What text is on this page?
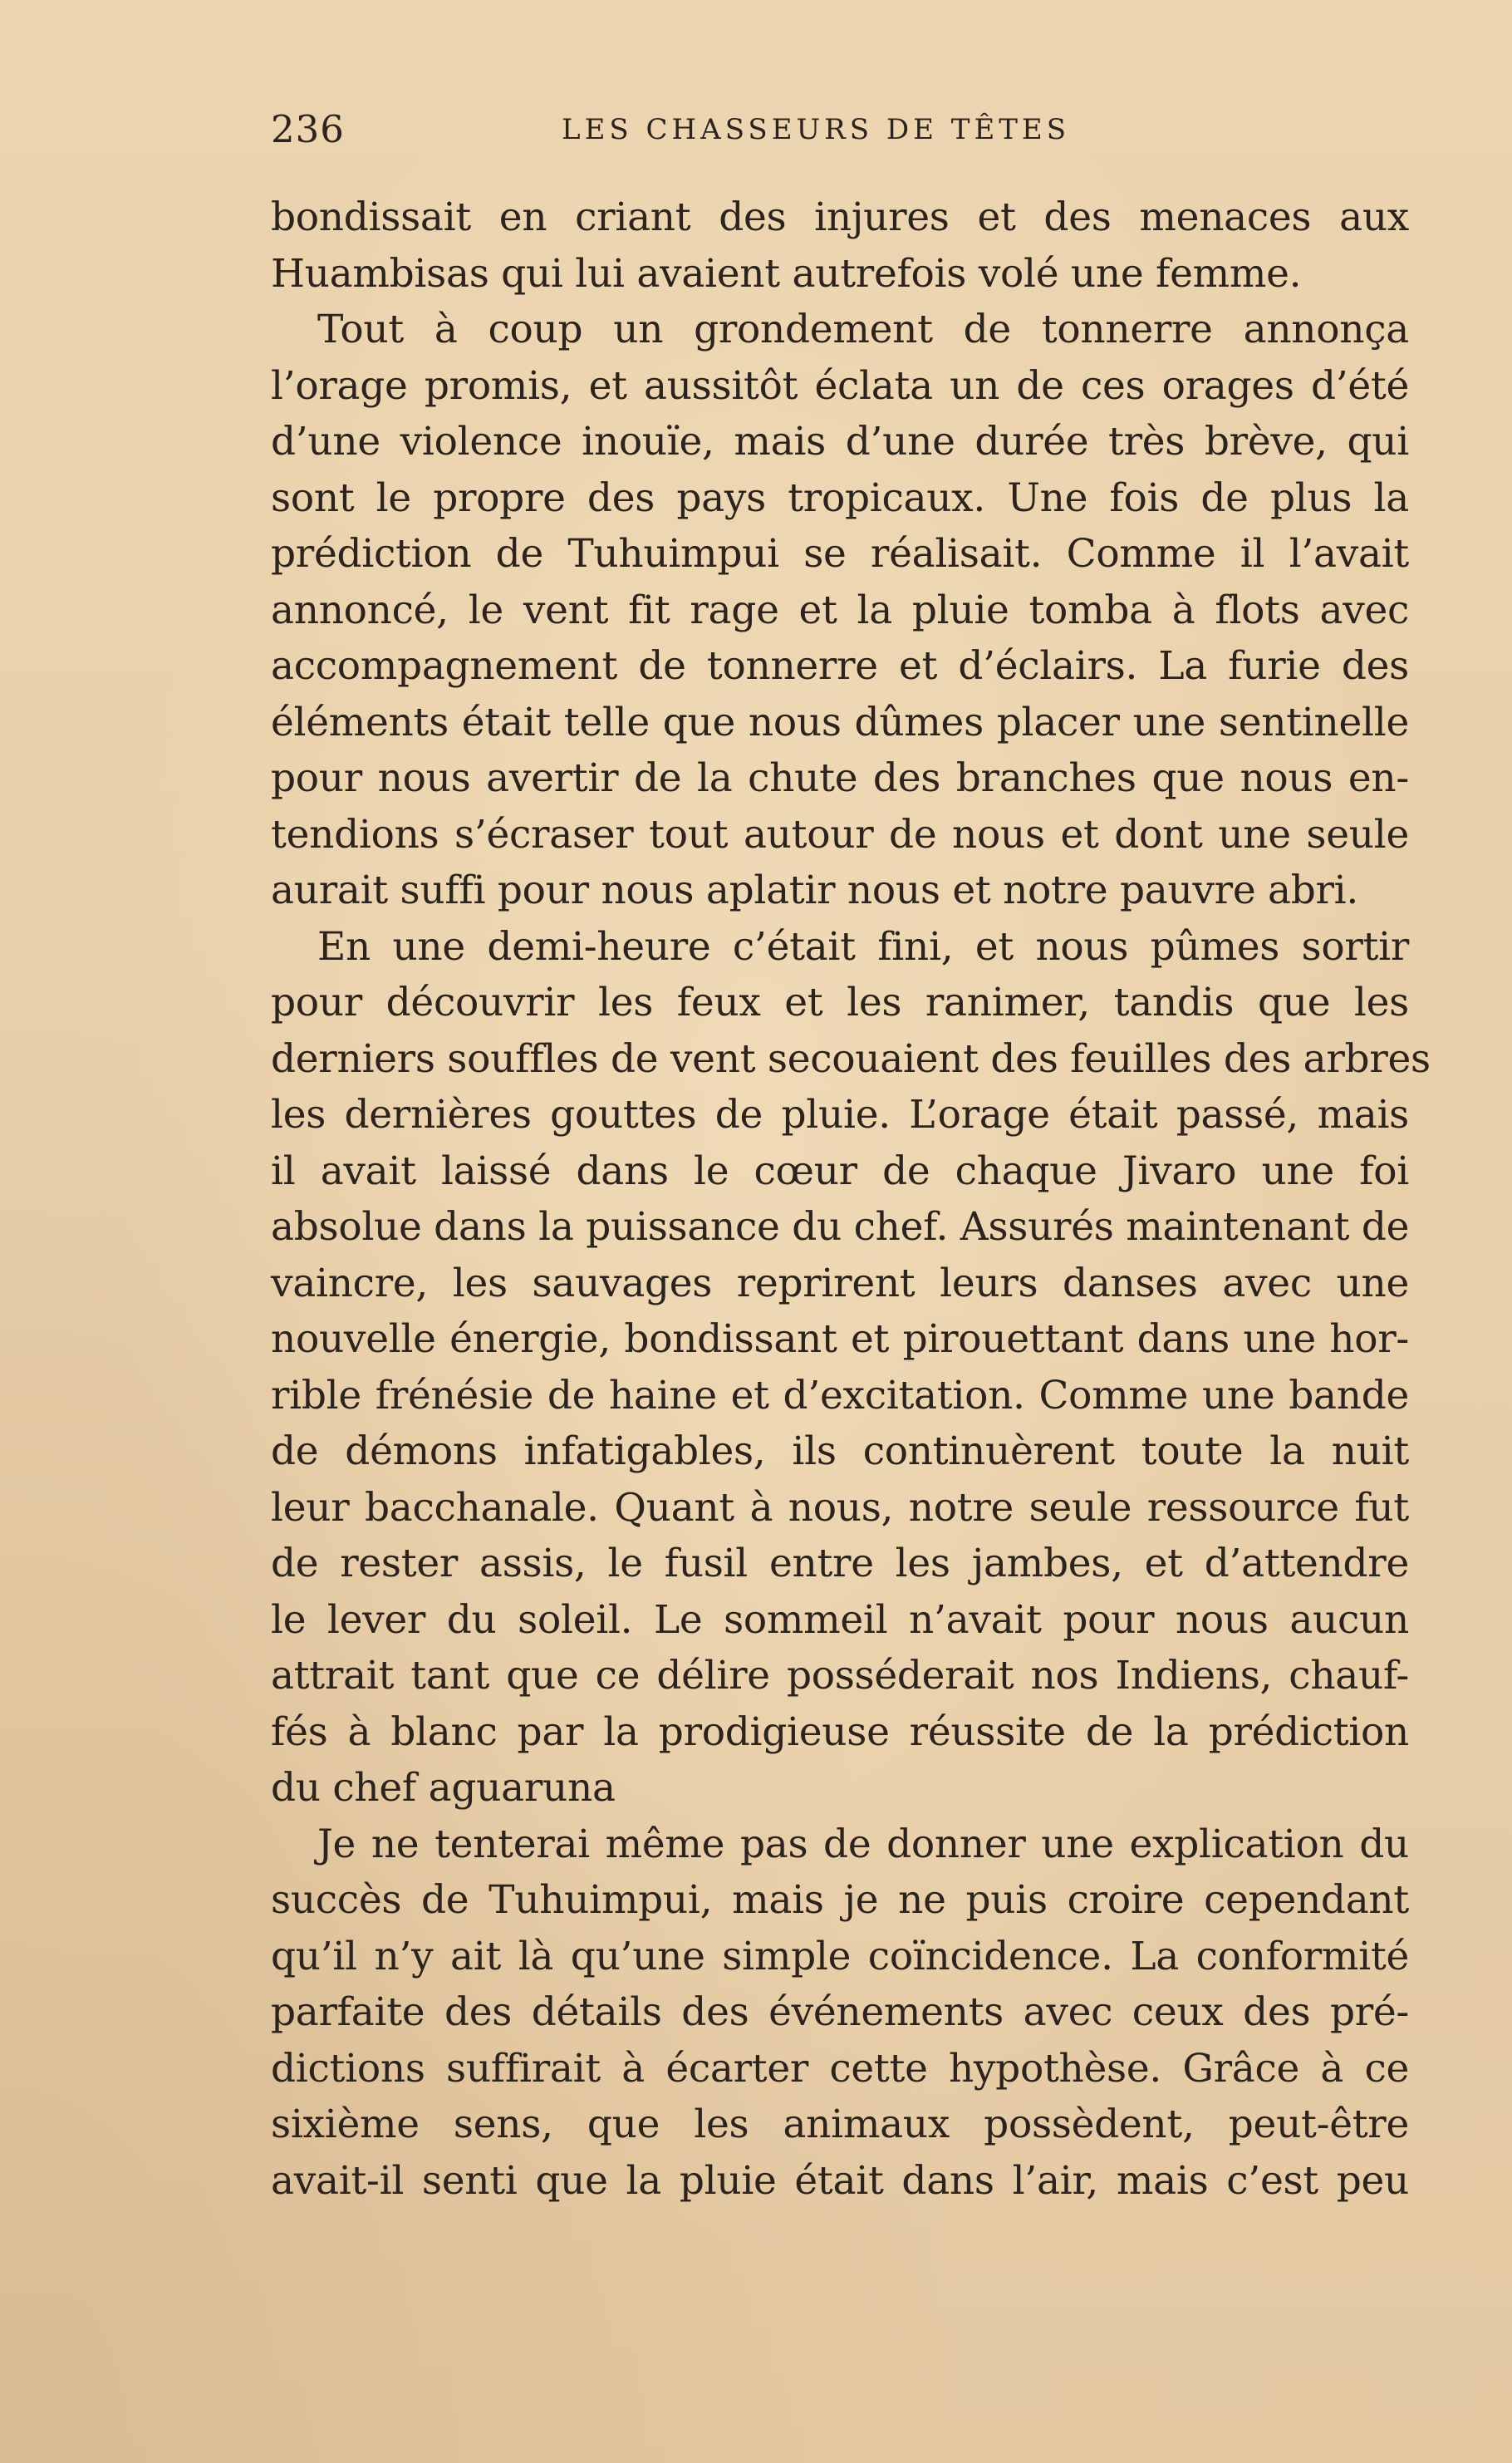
236	LES CHASSEURS DE TÊTES
bondissait en criant des injures et des menaces aux
Huambisas qui lui avaient autrefois volé une femme.
Tout à coup un grondement de tonnerre annonça
l’orage promis, et aussitôt éclata un de ces orages d’été
d’une violence inouïe, mais d’une durée très brève, qui
sont le propre des pays tropicaux. Une fois de plus la
prédiction de Tuhuimpui se réalisait. Comme il l’avait
annoncé, le vent fit rage et la pluie tomba à flots avec
accompagnement de tonnerre et d’éclairs. La furie des
éléments était telle que nous dûmes placer une sentinelle
pour nous avertir de la chute des branches que nous en-
tendions s’écraser tout autour de nous et dont une seule
aurait suffi pour nous aplatir nous et notre pauvre abri.
En une demi-heure c’était fini, et nous pûmes sortir
pour découvrir les feux et les ranimer, tandis que les
derniers souffles de vent secouaient des feuilles des arbres
les dernières gouttes de pluie. L’orage était passé, mais
il avait laissé dans le cœur de chaque Jivaro une foi
absolue dans la puissance du chef. Assurés maintenant de
vaincre, les sauvages reprirent leurs danses avec une
nouvelle énergie, bondissant et pirouettant dans une hor-
rible frénésie de haine et d’excitation. Comme une bande
de démons infatigables, ils continuèrent toute la nuit
leur bacchanale. Quant à nous, notre seule ressource fut
de rester assis, le fusil entre les jambes, et d’attendre
le lever du soleil. Le sommeil n’avait pour nous aucun
attrait tant que ce délire posséderait nos Indiens, chauf-
fés à blanc par la prodigieuse réussite de la prédiction
du chef aguaruna
Je ne tenterai même pas de donner une explication du
succès de Tuhuimpui, mais je ne puis croire cependant
qu’il n’y ait là qu’une simple coïncidence. La conformité
parfaite des détails des événements avec ceux des pré-
dictions suffirait à écarter cette hypothèse. Grâce à ce
sixième sens, que les animaux possèdent, peut-être
avait-il senti que la pluie était dans l’air, mais c’est peu
